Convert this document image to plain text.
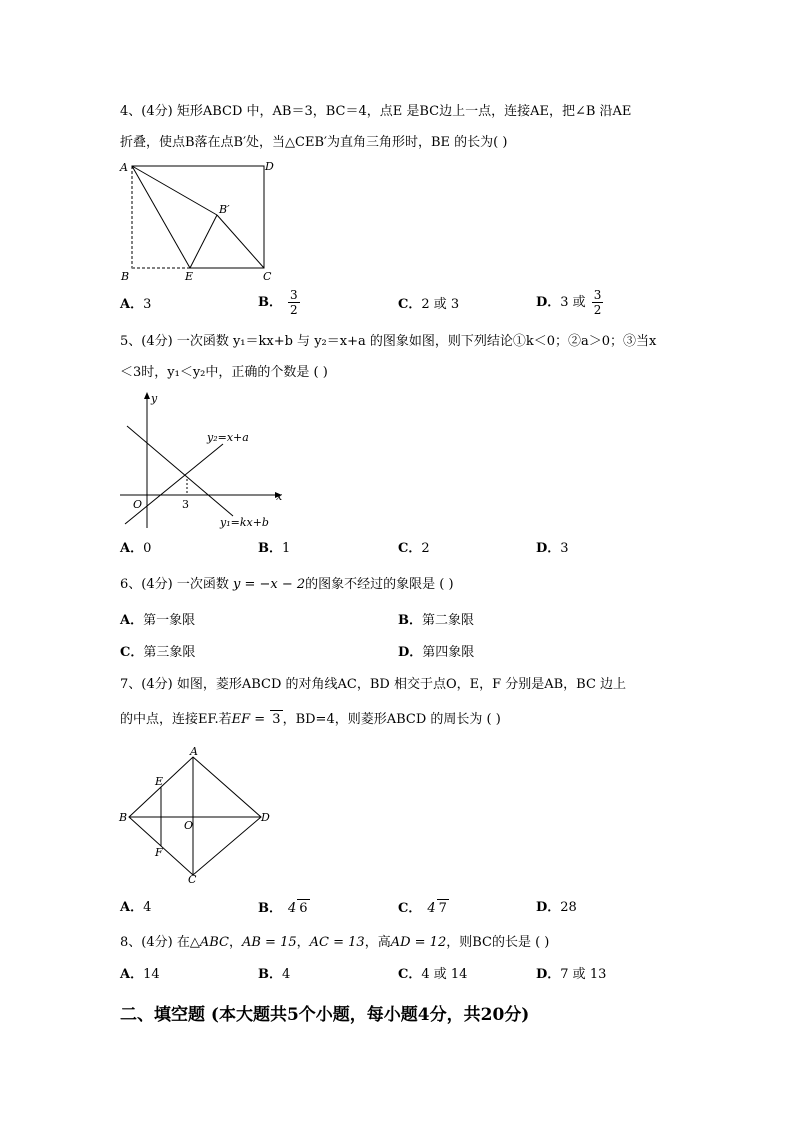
4、(4分) 矩形ABCD 中，AB＝3，BC＝4，点E 是BC边上一点，连接AE，把∠B 沿AE
折叠，使点B落在点B′处，当△CEB′为直角三角形时，BE 的长为( )
A	D
B	C
E
B′
A．3	B． $\frac{3}{2}$	C．2 或 3	D．3 或 $\frac{3}{2}$
5、(4分) 一次函数 y₁＝kx+b 与 y₂＝x+a 的图象如图，则下列结论①k＜0；②a＞0；③当x
＜3时，y₁＜y₂中，正确的个数是 ( )
y
x
O	3
y₂=x+a
y₁=kx+b
A．0	B．1	C．2	D．3
6、(4分) 一次函数 y = −x − 2的图象不经过的象限是 ( )
A．第一象限	B．第二象限
C．第三象限	D．第四象限
7、(4分) 如图，菱形ABCD 的对角线AC，BD 相交于点O，E，F 分别是AB，BC 边上
的中点，连接EF.若EF = 3 ，BD=4，则菱形ABCD 的周长为 ( )
A
B
C
D
E
F
O
A．4	B． 4 6	C． 4 7	D．28
8、(4分) 在△ABC，AB = 15，AC = 13，高AD = 12，则BC的长是 ( )
A．14	B．4	C．4 或 14	D．7 或 13
二、填空题 (本大题共5个小题，每小题4分，共20分)
